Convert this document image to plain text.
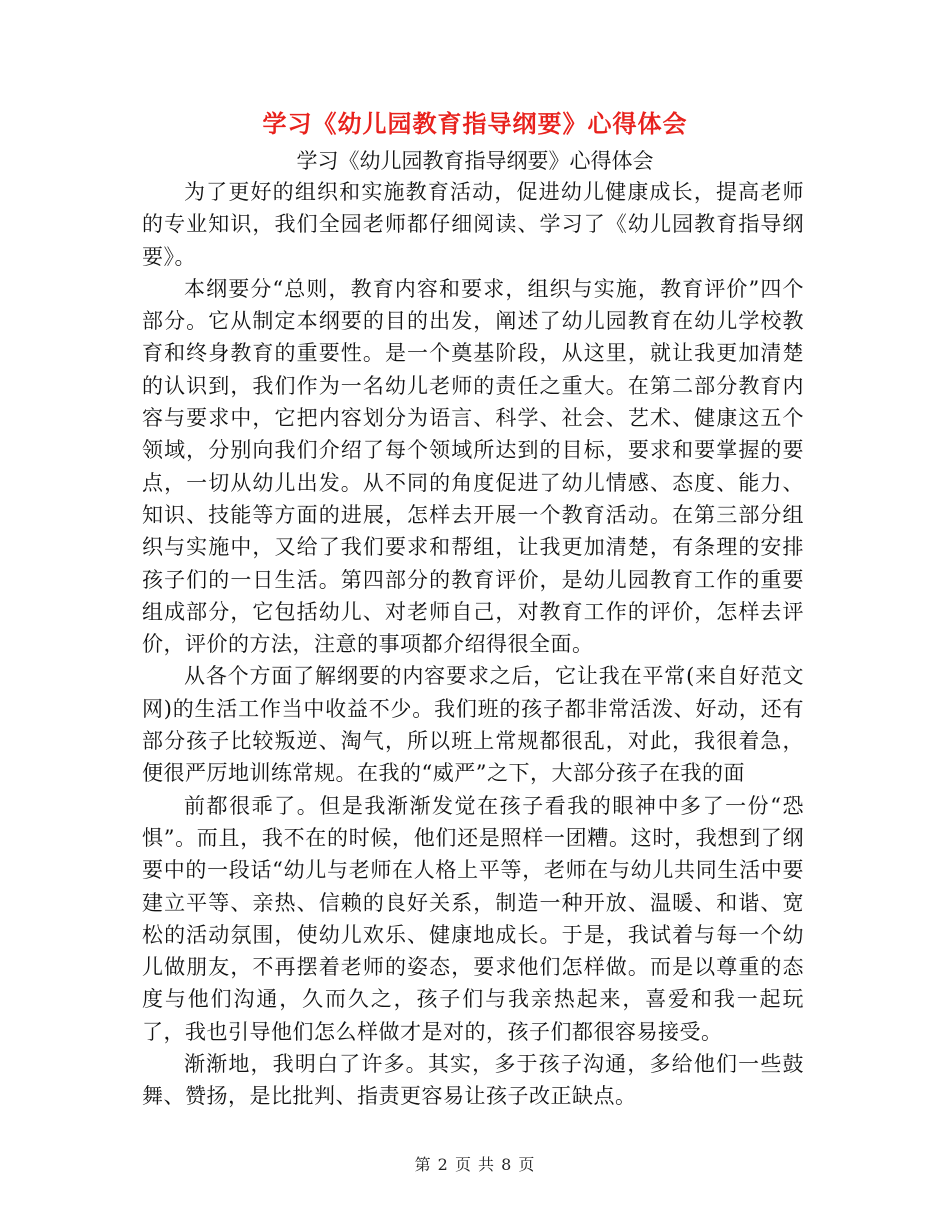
学习《幼儿园教育指导纲要》心得体会
学习《幼儿园教育指导纲要》心得体会

为了更好的组织和实施教育活动，促进幼儿健康成长，提高老师的专业知识，我们全园老师都仔细阅读、学习了《幼儿园教育指导纲要》。

本纲要分“总则，教育内容和要求，组织与实施，教育评价”四个部分。它从制定本纲要的目的出发，阐述了幼儿园教育在幼儿学校教育和终身教育的重要性。是一个奠基阶段，从这里，就让我更加清楚的认识到，我们作为一名幼儿老师的责任之重大。在第二部分教育内容与要求中，它把内容划分为语言、科学、社会、艺术、健康这五个领域，分别向我们介绍了每个领域所达到的目标，要求和要掌握的要点，一切从幼儿出发。从不同的角度促进了幼儿情感、态度、能力、知识、技能等方面的进展，怎样去开展一个教育活动。在第三部分组织与实施中，又给了我们要求和帮组，让我更加清楚，有条理的安排孩子们的一日生活。第四部分的教育评价，是幼儿园教育工作的重要组成部分，它包括幼儿、对老师自己，对教育工作的评价，怎样去评价，评价的方法，注意的事项都介绍得很全面。

从各个方面了解纲要的内容要求之后，它让我在平常(来自好范文网)的生活工作当中收益不少。我们班的孩子都非常活泼、好动，还有部分孩子比较叛逆、淘气，所以班上常规都很乱，对此，我很着急，便很严厉地训练常规。在我的“威严”之下，大部分孩子在我的面

前都很乖了。但是我渐渐发觉在孩子看我的眼神中多了一份“恐惧”。而且，我不在的时候，他们还是照样一团糟。这时，我想到了纲要中的一段话“幼儿与老师在人格上平等，老师在与幼儿共同生活中要建立平等、亲热、信赖的良好关系，制造一种开放、温暖、和谐、宽松的活动氛围，使幼儿欢乐、健康地成长。于是，我试着与每一个幼儿做朋友，不再摆着老师的姿态，要求他们怎样做。而是以尊重的态度与他们沟通，久而久之，孩子们与我亲热起来，喜爱和我一起玩了，我也引导他们怎么样做才是对的，孩子们都很容易接受。

渐渐地，我明白了许多。其实，多于孩子沟通，多给他们一些鼓舞、赞扬，是比批判、指责更容易让孩子改正缺点。

第 2 页 共 8 页
